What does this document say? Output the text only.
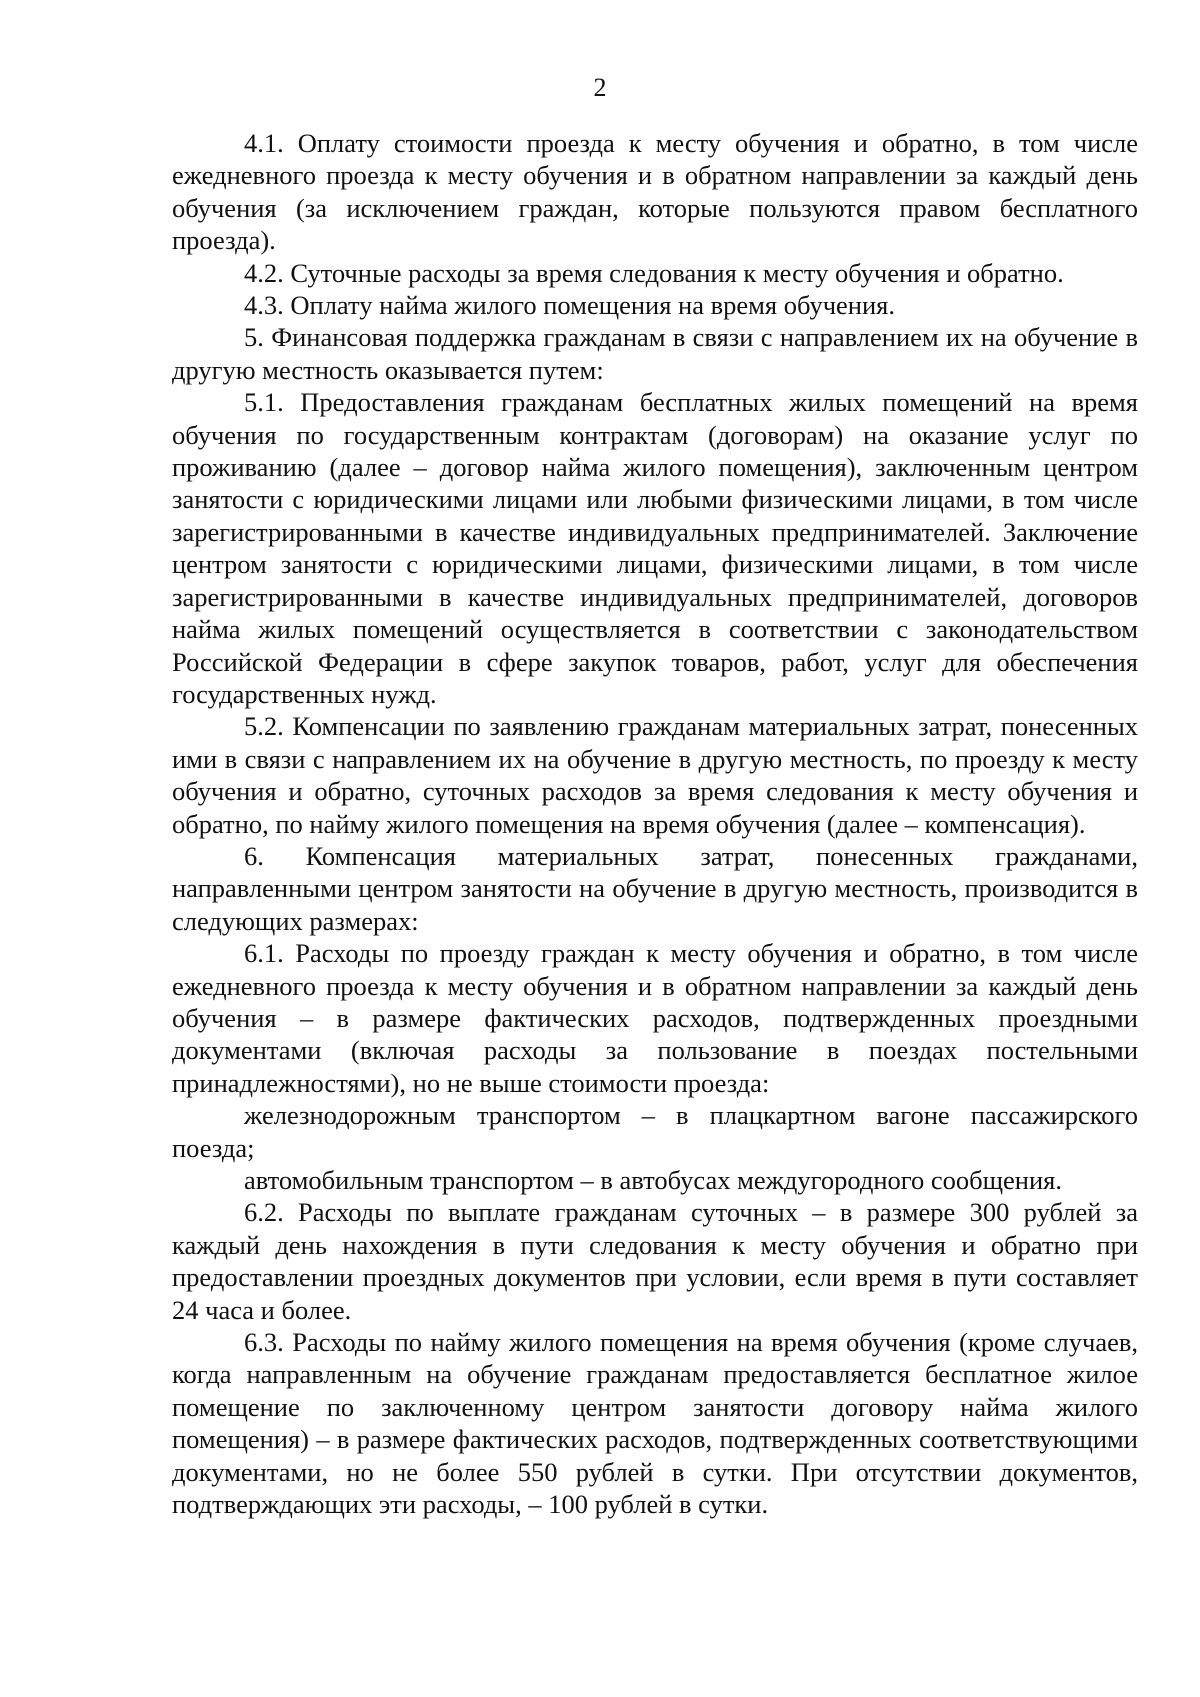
2

4.1. Оплату стоимости проезда к месту обучения и обратно, в том числе ежедневного проезда к месту обучения и в обратном направлении за каждый день обучения (за исключением граждан, которые пользуются правом бесплатного проезда).

4.2. Суточные расходы за время следования к месту обучения и обратно.

4.3. Оплату найма жилого помещения на время обучения.

5. Финансовая поддержка гражданам в связи с направлением их на обучение в другую местность оказывается путем:

5.1. Предоставления гражданам бесплатных жилых помещений на время обучения по государственным контрактам (договорам) на оказание услуг по проживанию (далее – договор найма жилого помещения), заключенным центром занятости с юридическими лицами или любыми физическими лицами, в том числе зарегистрированными в качестве индивидуальных предпринимателей. Заключение центром занятости с юридическими лицами, физическими лицами, в том числе зарегистрированными в качестве индивидуальных предпринимателей, договоров найма жилых помещений осуществляется в соответствии с законодательством Российской Федерации в сфере закупок товаров, работ, услуг для обеспечения государственных нужд.

5.2. Компенсации по заявлению гражданам материальных затрат, понесенных ими в связи с направлением их на обучение в другую местность, по проезду к месту обучения и обратно, суточных расходов за время следования к месту обучения и обратно, по найму жилого помещения на время обучения (далее – компенсация).

6. Компенсация материальных затрат, понесенных гражданами, направленными центром занятости на обучение в другую местность, производится в следующих размерах:

6.1. Расходы по проезду граждан к месту обучения и обратно, в том числе ежедневного проезда к месту обучения и в обратном направлении за каждый день обучения – в размере фактических расходов, подтвержденных проездными документами (включая расходы за пользование в поездах постельными принадлежностями), но не выше стоимости проезда:

железнодорожным транспортом – в плацкартном вагоне пассажирского поезда;

автомобильным транспортом – в автобусах междугородного сообщения.

6.2. Расходы по выплате гражданам суточных – в размере 300 рублей за каждый день нахождения в пути следования к месту обучения и обратно при предоставлении проездных документов при условии, если время в пути составляет 24 часа и более.

6.3. Расходы по найму жилого помещения на время обучения (кроме случаев, когда направленным на обучение гражданам предоставляется бесплатное жилое помещение по заключенному центром занятости договору найма жилого помещения) – в размере фактических расходов, подтвержденных соответствующими документами, но не более 550 рублей в сутки. При отсутствии документов, подтверждающих эти расходы, – 100 рублей в сутки.
